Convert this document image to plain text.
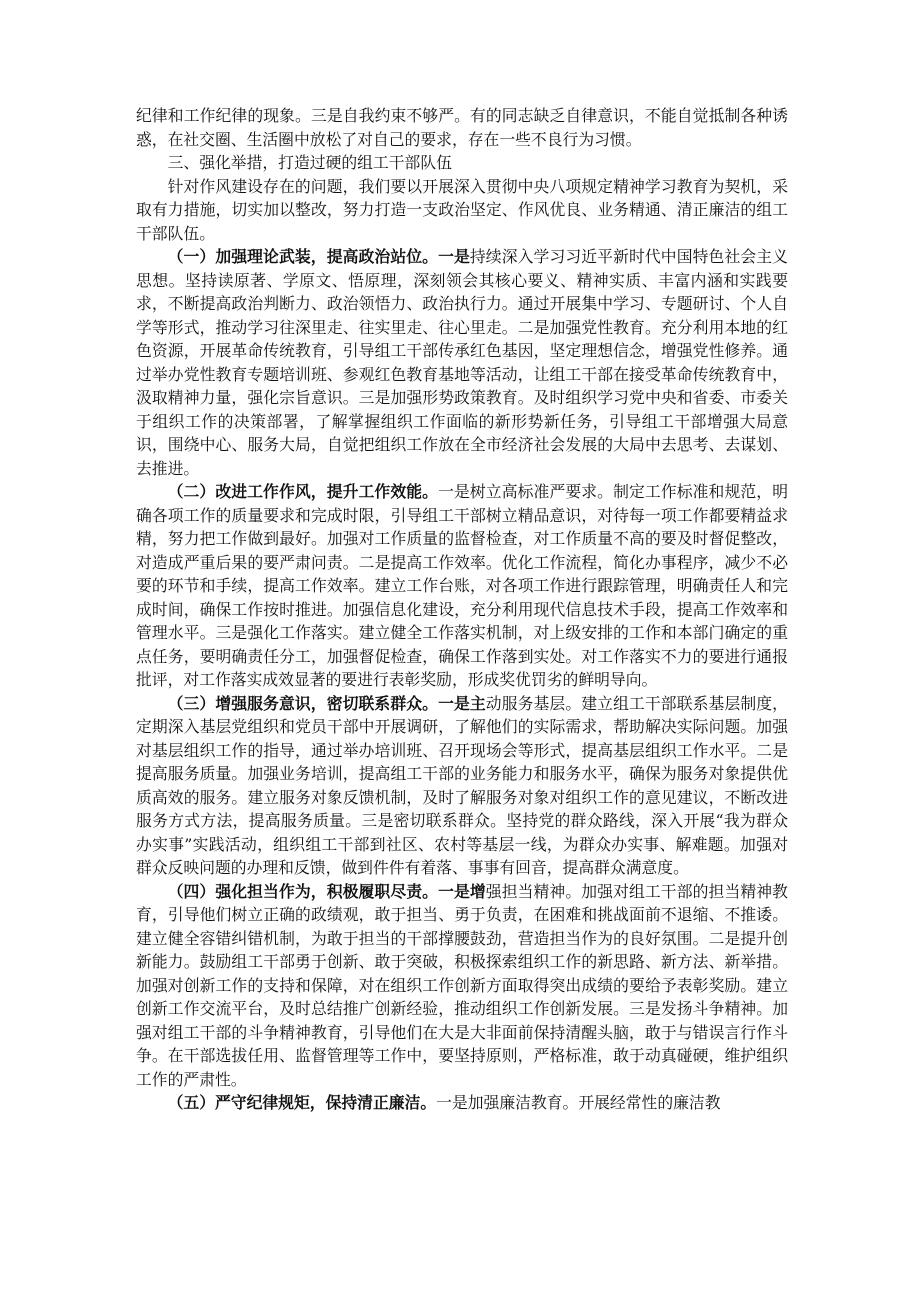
纪律和工作纪律的现象。三是自我约束不够严。有的同志缺乏自律意识，不能自觉抵制各种诱惑，在社交圈、生活圈中放松了对自己的要求，存在一些不良行为习惯。

三、强化举措，打造过硬的组工干部队伍

针对作风建设存在的问题，我们要以开展深入贯彻中央八项规定精神学习教育为契机，采取有力措施，切实加以整改，努力打造一支政治坚定、作风优良、业务精通、清正廉洁的组工干部队伍。

（一）加强理论武装，提高政治站位。一是持续深入学习习近平新时代中国特色社会主义思想。坚持读原著、学原文、悟原理，深刻领会其核心要义、精神实质、丰富内涵和实践要求，不断提高政治判断力、政治领悟力、政治执行力。通过开展集中学习、专题研讨、个人自学等形式，推动学习往深里走、往实里走、往心里走。二是加强党性教育。充分利用本地的红色资源，开展革命传统教育，引导组工干部传承红色基因，坚定理想信念，增强党性修养。通过举办党性教育专题培训班、参观红色教育基地等活动，让组工干部在接受革命传统教育中，汲取精神力量，强化宗旨意识。三是加强形势政策教育。及时组织学习党中央和省委、市委关于组织工作的决策部署，了解掌握组织工作面临的新形势新任务，引导组工干部增强大局意识，围绕中心、服务大局，自觉把组织工作放在全市经济社会发展的大局中去思考、去谋划、去推进。

（二）改进工作作风，提升工作效能。一是树立高标准严要求。制定工作标准和规范，明确各项工作的质量要求和完成时限，引导组工干部树立精品意识，对待每一项工作都要精益求精，努力把工作做到最好。加强对工作质量的监督检查，对工作质量不高的要及时督促整改，对造成严重后果的要严肃问责。二是提高工作效率。优化工作流程，简化办事程序，减少不必要的环节和手续，提高工作效率。建立工作台账，对各项工作进行跟踪管理，明确责任人和完成时间，确保工作按时推进。加强信息化建设，充分利用现代信息技术手段，提高工作效率和管理水平。三是强化工作落实。建立健全工作落实机制，对上级安排的工作和本部门确定的重点任务，要明确责任分工，加强督促检查，确保工作落到实处。对工作落实不力的要进行通报批评，对工作落实成效显著的要进行表彰奖励，形成奖优罚劣的鲜明导向。

（三）增强服务意识，密切联系群众。一是主动服务基层。建立组工干部联系基层制度，定期深入基层党组织和党员干部中开展调研，了解他们的实际需求，帮助解决实际问题。加强对基层组织工作的指导，通过举办培训班、召开现场会等形式，提高基层组织工作水平。二是提高服务质量。加强业务培训，提高组工干部的业务能力和服务水平，确保为服务对象提供优质高效的服务。建立服务对象反馈机制，及时了解服务对象对组织工作的意见建议，不断改进服务方式方法，提高服务质量。三是密切联系群众。坚持党的群众路线，深入开展“我为群众办实事”实践活动，组织组工干部到社区、农村等基层一线，为群众办实事、解难题。加强对群众反映问题的办理和反馈，做到件件有着落、事事有回音，提高群众满意度。

（四）强化担当作为，积极履职尽责。一是增强担当精神。加强对组工干部的担当精神教育，引导他们树立正确的政绩观，敢于担当、勇于负责，在困难和挑战面前不退缩、不推诿。建立健全容错纠错机制，为敢于担当的干部撑腰鼓劲，营造担当作为的良好氛围。二是提升创新能力。鼓励组工干部勇于创新、敢于突破，积极探索组织工作的新思路、新方法、新举措。加强对创新工作的支持和保障，对在组织工作创新方面取得突出成绩的要给予表彰奖励。建立创新工作交流平台，及时总结推广创新经验，推动组织工作创新发展。三是发扬斗争精神。加强对组工干部的斗争精神教育，引导他们在大是大非面前保持清醒头脑，敢于与错误言行作斗争。在干部选拔任用、监督管理等工作中，要坚持原则，严格标准，敢于动真碰硬，维护组织工作的严肃性。

（五）严守纪律规矩，保持清正廉洁。一是加强廉洁教育。开展经常性的廉洁教
